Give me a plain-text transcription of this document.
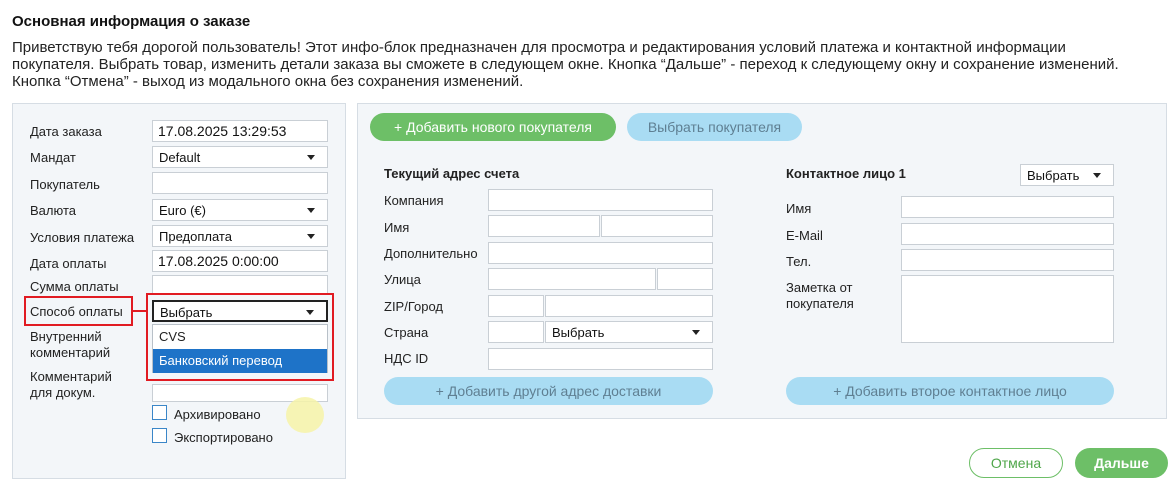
Основная информация о заказе
Приветствую тебя дорогой пользователь! Этот инфо-блок предназначен для просмотра и редактирования условий платежа и контактной информации
покупателя. Выбрать товар, изменить детали заказа вы сможете в следующем окне. Кнопка “Дальше” - переход к следующему окну и сохранение изменений.
Кнопка “Отмена” - выход из модального окна без сохранения изменений.
Дата заказа	17.08.2025 13:29:53
Мандат	Default
Покупатель
Валюта	Euro (€)
Условия платежа	Предоплата
Дата оплаты	17.08.2025 0:00:00
Сумма оплаты
Способ оплаты	Выбрать
CVS
Банковский перевод
Внутренний
комментарий
Комментарий
для докум.
Архивировано
Экспортировано
+ Добавить нового покупателя	Выбрать покупателя
Текущий адрес счета
Компания
Имя
Дополнительно
Улица
ZIP/Город
Страна	Выбрать
НДС ID
+ Добавить другой адрес доставки
Контактное лицо 1	Выбрать
Имя
E-Mail
Тел.
Заметка от
покупателя
+ Добавить второе контактное лицо
Отмена	Дальше
